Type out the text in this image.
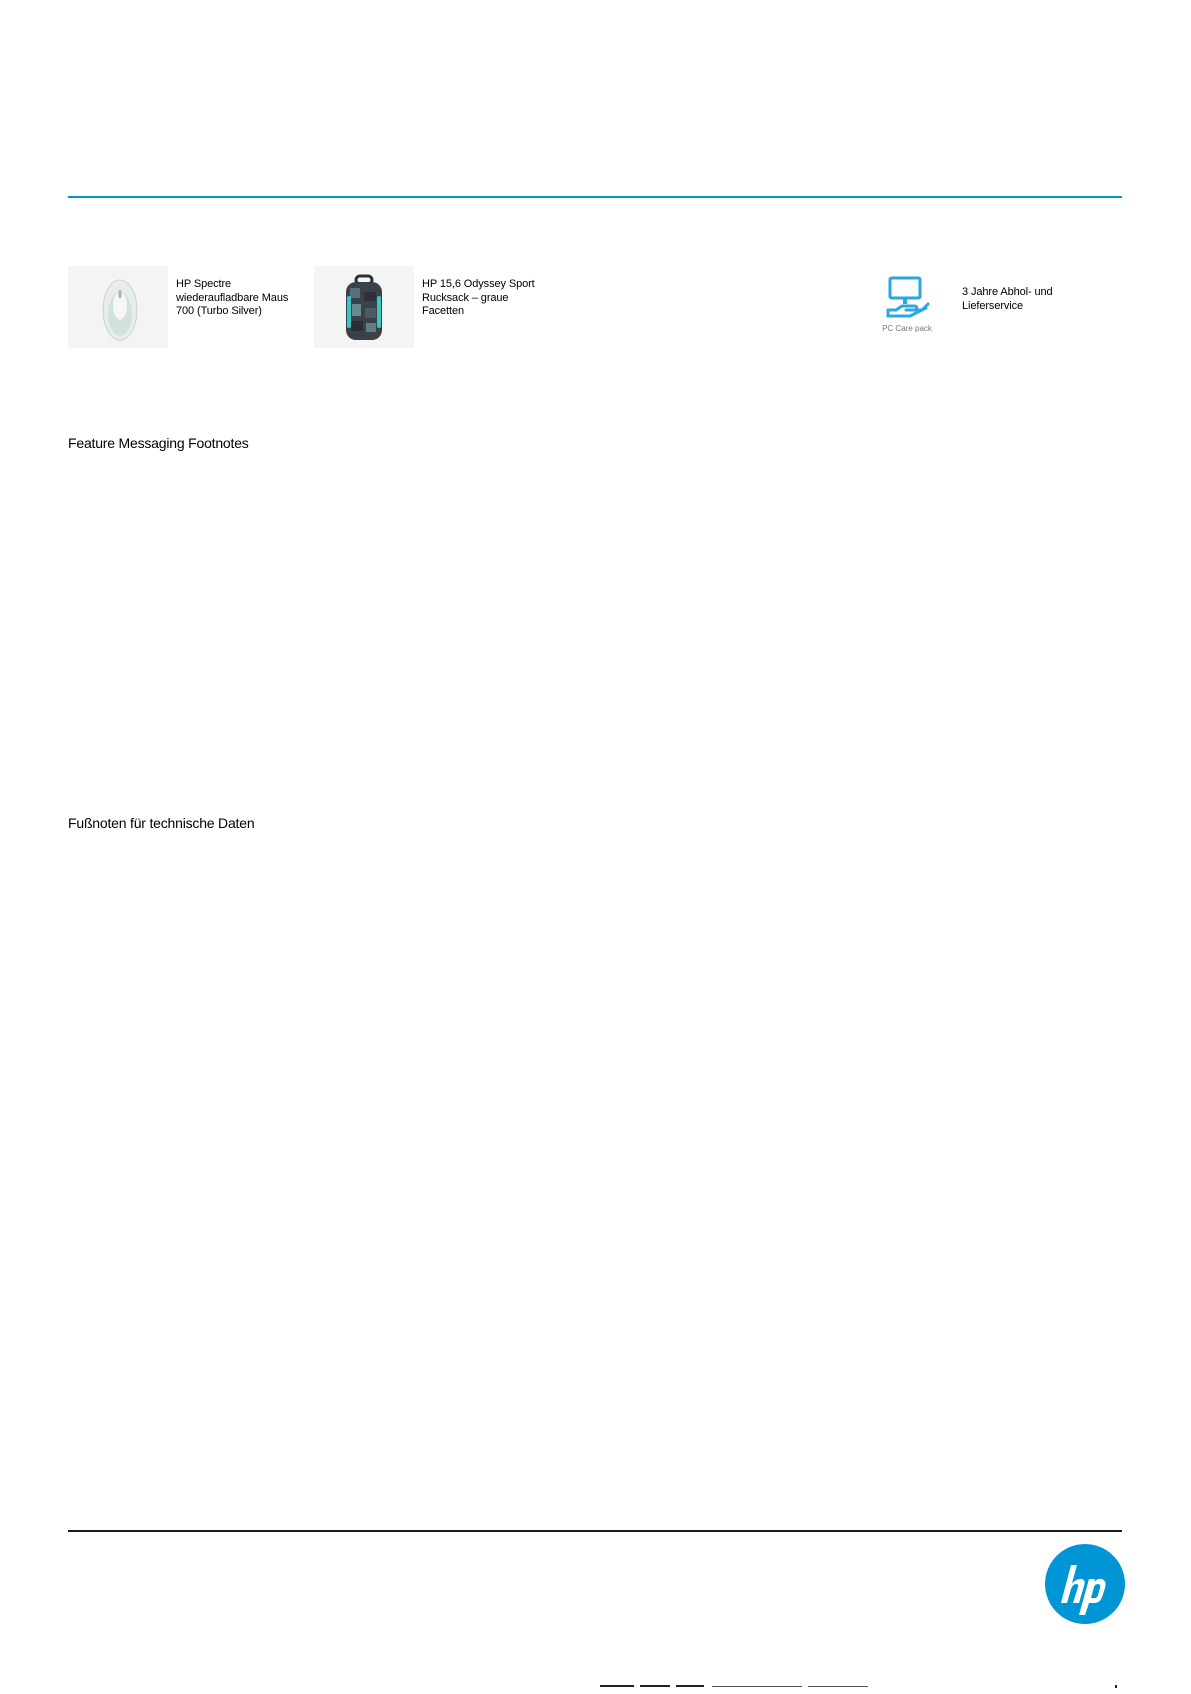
HP Spectre wiederaufladbare Maus 700 (Turbo Silver)
HP 15,6 Odyssey Sport Rucksack – graue Facetten
PC Care pack
3 Jahre Abhol- und Lieferservice
Feature Messaging Footnotes
Fußnoten für technische Daten
